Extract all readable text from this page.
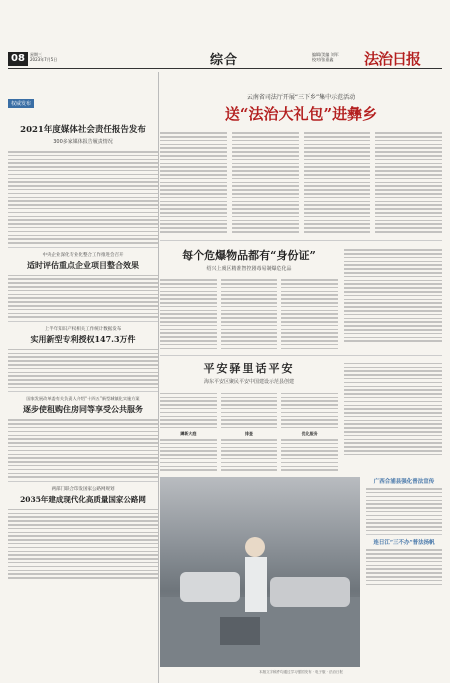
08	星期三
2023年7月5日	综合	编辑/美编 刘军
校对/张嘉鑫	法治日报
权威发布
2021年度媒体社会责任报告发布
300多家媒体报告履责情况
中央企业深化专业化整合工作推进会召开
适时评估重点企业项目整合效果
上半年知识产权相关工作统计数据发布
实用新型专利授权147.3万件
国家发展改革委有关负责人介绍“十四五”新型城镇化实施方案
逐步使租购住房同等享受公共服务
两部门联合印发国家公路网规划
2035年建成现代化高质量国家公路网
云南省司法厅开展“三下乡”集中示范活动
送“法治大礼包”进彝乡
每个危爆物品都有“身份证”
绍兴上虞区精准智控剧毒易制爆危化品
平安驿里话平安
海东平安区聚民平安中国建设示范县创建
蹲新大庭	排查	优化服务
广西合浦县强化普法宣传
连日江“三不办”普法扬帆
本版文字稿件均通过学习强国发布 · 电子版 · 法治日报
